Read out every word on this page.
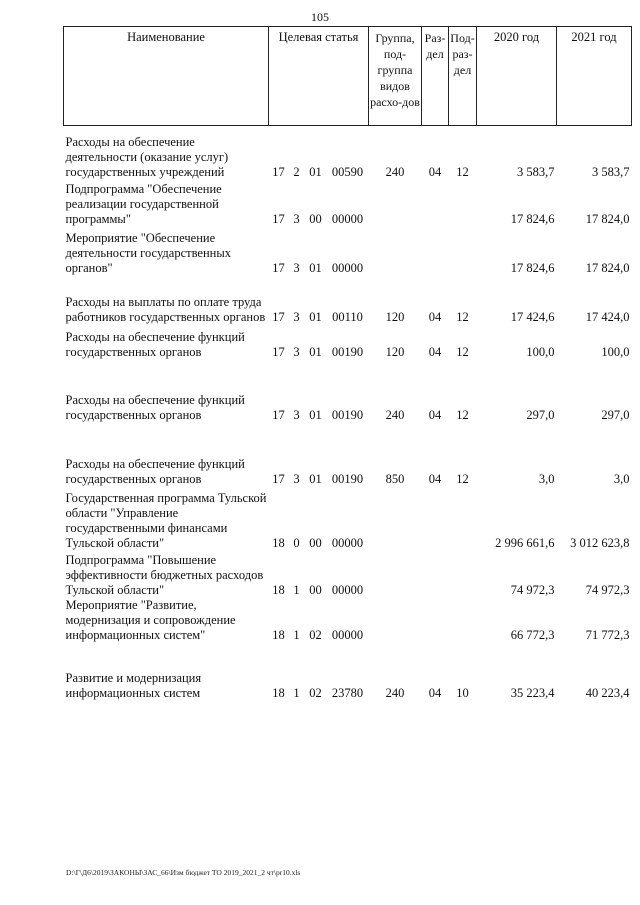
105
Наименование	Целевая статья				Группа, под-группа видов расхо-дов	Раз-дел	Под-раз-дел	2020 год	2021 год
Расходы на обеспечение деятельности (оказание услуг) государственных учреждений	17	2	01	00590	240	04	12	3 583,7	3 583,7
Подпрограмма "Обеспечение реализации государственной программы"	17	3	00	00000				17 824,6	17 824,0
Мероприятие "Обеспечение деятельности государственных органов"	17	3	01	00000				17 824,6	17 824,0
Расходы на выплаты по оплате труда работников государственных органов	17	3	01	00110	120	04	12	17 424,6	17 424,0
Расходы на обеспечение функций государственных органов	17	3	01	00190	120	04	12	100,0	100,0
Расходы на обеспечение функций государственных органов	17	3	01	00190	240	04	12	297,0	297,0
Расходы на обеспечение функций государственных органов	17	3	01	00190	850	04	12	3,0	3,0
Государственная программа Тульской области "Управление государственными финансами Тульской области"	18	0	00	00000				2 996 661,6	3 012 623,8
Подпрограмма "Повышение эффективности бюджетных расходов Тульской области"	18	1	00	00000				74 972,3	74 972,3
Мероприятие "Развитие, модернизация и сопровождение информационных систем"	18	1	02	00000				66 772,3	71 772,3
Развитие и модернизация информационных систем	18	1	02	23780	240	04	10	35 223,4	40 223,4
D:\Г\Д6\2019\ЗАКОНЫ\ЗАС_66\Изм бюджет ТО 2019_2021_2 чт\pr10.xls
